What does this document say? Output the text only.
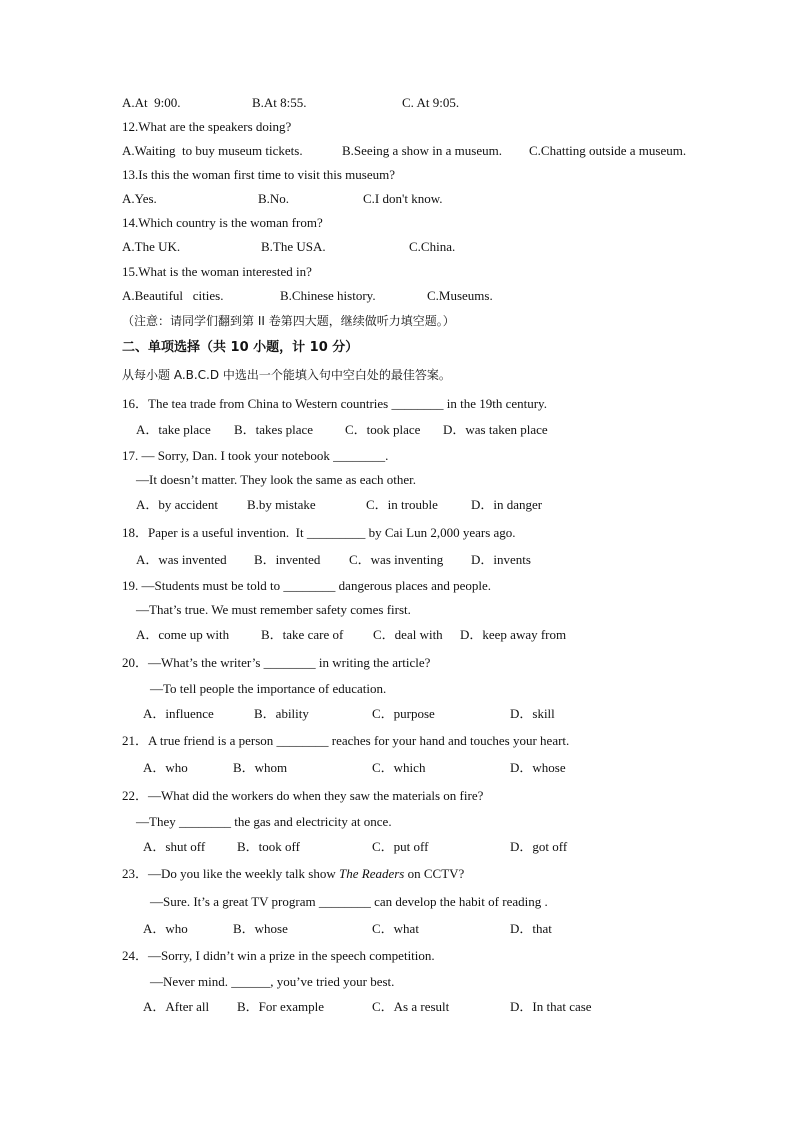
A.At  9:00.	B.At 8:55.	C. At 9:05.
12.What are the speakers doing?
A.Waiting  to buy museum tickets.	B.Seeing a show in a museum. C.Chatting outside a museum.
13.Is this the woman first time to visit this museum?
A.Yes.	B.No.	C.I don't know.
14.Which country is the woman from?
A.The UK.	B.The USA.	C.China.
15.What is the woman interested in?
A.Beautiful   cities.	B.Chinese history.	C.Museums.
（注意：请同学们翻到第 II 卷第四大题，继续做听力填空题。）
二、单项选择（共 10 小题，计 10 分）
从每小题 A.B.C.D 中选出一个能填入句中空白处的最佳答案。
16．The tea trade from China to Western countries ________ in the 19th century.
A．take place B．takes place C．took place D．was taken place
17. — Sorry, Dan. I took your notebook ________.
—It doesn’t matter. They look the same as each other.
A．by accident B.by mistake	C．in trouble	D．in danger
18．Paper is a useful invention.  It _________ by Cai Lun 2,000 years ago.
A．was invented B．invented C．was inventing D．invents
19. —Students must be told to ________ dangerous places and people.
—That’s true. We must remember safety comes first.
A．come up with B．take care of C．deal with D．keep away from
20．—What’s the writer’s ________ in writing the article?
—To tell people the importance of education.
A．influence	B．ability	C．purpose	D．skill
21．A true friend is a person ________ reaches for your hand and touches your heart.
A．who	B．whom	C．which	D．whose
22．—What did the workers do when they saw the materials on fire?
—They ________ the gas and electricity at once.
A．shut off B．took off	C．put off	D．got off
23．—Do you like the weekly talk show The Readers on CCTV?
—Sure. It’s a great TV program ________ can develop the habit of reading .
A．who	B．whose	C．what	D．that
24．—Sorry, I didn’t win a prize in the speech competition.
—Never mind. ______, you’ve tried your best.
A．After all B．For example	C．As a result	D．In that case
